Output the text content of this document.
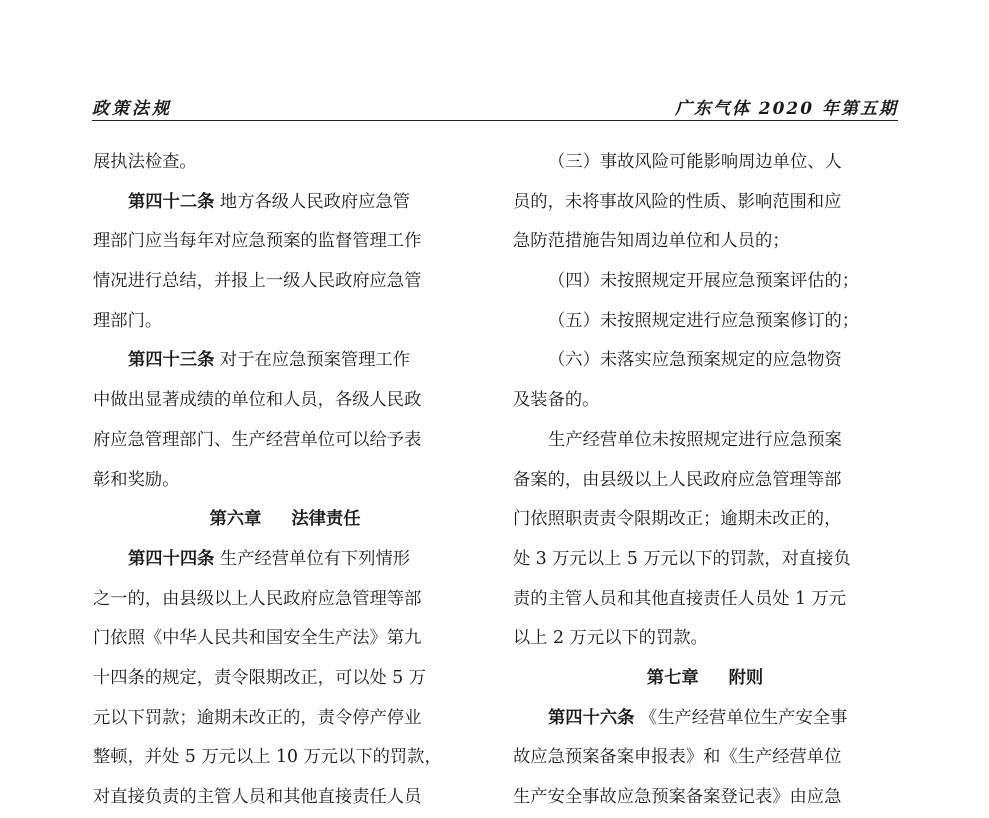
政策法规	广东气体 2020 年第五期
展执法检查。
第四十二条 地方各级人民政府应急管
理部门应当每年对应急预案的监督管理工作
情况进行总结，并报上一级人民政府应急管
理部门。
第四十三条 对于在应急预案管理工作
中做出显著成绩的单位和人员，各级人民政
府应急管理部门、生产经营单位可以给予表
彰和奖励。
第六章 法律责任
第四十四条 生产经营单位有下列情形
之一的，由县级以上人民政府应急管理等部
门依照《中华人民共和国安全生产法》第九
十四条的规定，责令限期改正，可以处 5 万
元以下罚款；逾期未改正的，责令停产停业
整顿，并处 5 万元以上 10 万元以下的罚款，
对直接负责的主管人员和其他直接责任人员
（三）事故风险可能影响周边单位、人
员的，未将事故风险的性质、影响范围和应
急防范措施告知周边单位和人员的；
（四）未按照规定开展应急预案评估的；
（五）未按照规定进行应急预案修订的；
（六）未落实应急预案规定的应急物资
及装备的。
生产经营单位未按照规定进行应急预案
备案的，由县级以上人民政府应急管理等部
门依照职责责令限期改正；逾期未改正的，
处 3 万元以上 5 万元以下的罚款，对直接负
责的主管人员和其他直接责任人员处 1 万元
以上 2 万元以下的罚款。
第七章 附则
第四十六条 《生产经营单位生产安全事
故应急预案备案申报表》和《生产经营单位
生产安全事故应急预案备案登记表》由应急
